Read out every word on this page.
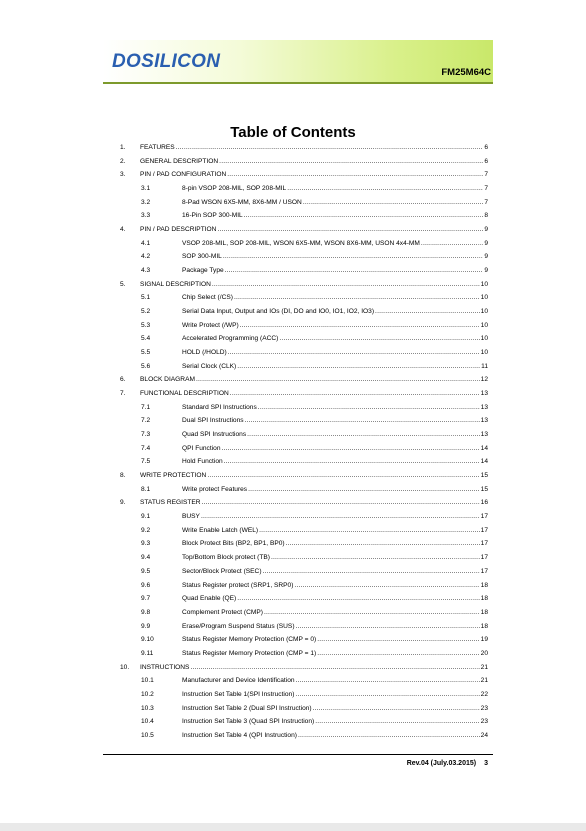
DOSILICON
FM25M64C
Table of Contents
1.	FEATURES .....	6
2.	GENERAL DESCRIPTION .....	6
3.	PIN / PAD CONFIGURATION .....	7
3.1	8-pin VSOP 208-MIL, SOP 208-MIL .....	7
3.2	8-Pad WSON 6X5-MM, 8X6-MM / USON .....	7
3.3	16-Pin SOP 300-MIL .....	8
4.	PIN / PAD DESCRIPTION .....	9
4.1	VSOP 208-MIL, SOP 208-MIL, WSON 6X5-MM, WSON 8X6-MM, USON 4x4-MM .....	9
4.2	SOP 300-MIL .....	9
4.3	Package Type .....	9
5.	SIGNAL DESCRIPTION .....	10
5.1	Chip Select (/CS) .....	10
5.2	Serial Data Input, Output and IOs (DI, DO and IO0, IO1, IO2, IO3) .....	10
5.3	Write Protect (/WP) .....	10
5.4	Accelerated Programming (ACC) .....	10
5.5	HOLD (/HOLD) .....	10
5.6	Serial Clock (CLK) .....	11
6.	BLOCK DIAGRAM .....	12
7.	FUNCTIONAL DESCRIPTION .....	13
7.1	Standard SPI Instructions .....	13
7.2	Dual SPI Instructions .....	13
7.3	Quad SPI Instructions .....	13
7.4	QPI Function .....	14
7.5	Hold Function .....	14
8.	WRITE PROTECTION .....	15
8.1	Write protect Features .....	15
9.	STATUS REGISTER .....	16
9.1	BUSY .....	17
9.2	Write Enable Latch (WEL) .....	17
9.3	Block Protect Bits (BP2, BP1, BP0) .....	17
9.4	Top/Bottom Block protect (TB) .....	17
9.5	Sector/Block Protect (SEC) .....	17
9.6	Status Register protect (SRP1, SRP0) .....	18
9.7	Quad Enable (QE) .....	18
9.8	Complement Protect (CMP) .....	18
9.9	Erase/Program Suspend Status (SUS) .....	18
9.10	Status Register Memory Protection (CMP = 0) .....	19
9.11	Status Register Memory Protection (CMP = 1) .....	20
10.	INSTRUCTIONS .....	21
10.1	Manufacturer and Device Identification .....	21
10.2	Instruction Set Table 1(SPI Instruction) .....	22
10.3	Instruction Set Table 2 (Dual SPI Instruction) .....	23
10.4	Instruction Set Table 3 (Quad SPI Instruction) .....	23
10.5	Instruction Set Table 4 (QPI Instruction) .....	24
Rev.04 (July.03.2015) 3
